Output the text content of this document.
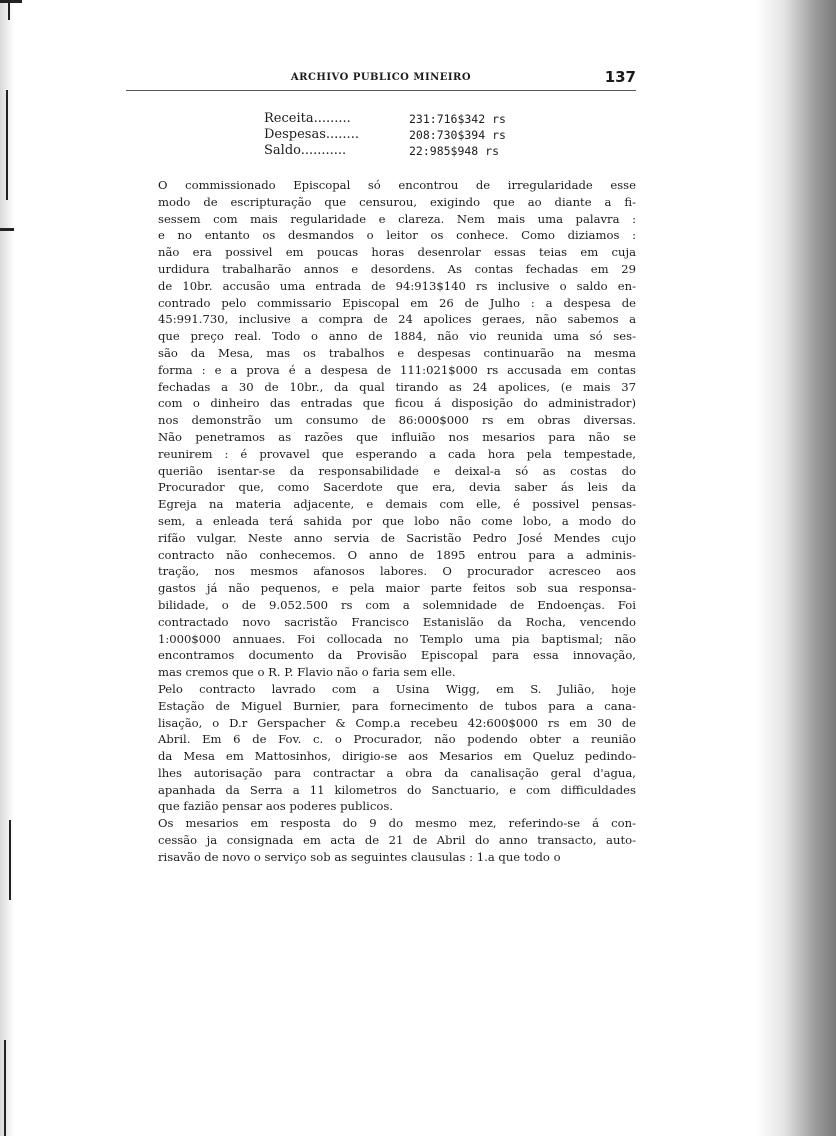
ARCHIVO PUBLICO MINEIRO	137
Receita.........	231:716$342 rs
Despesas........	208:730$394 rs
Saldo...........	22:985$948 rs

O commissionado Episcopal só encontrou de irregularidade esse
modo de escripturação que censurou, exigindo que ao diante a fi-
sessem com mais regularidade e clareza. Nem mais uma palavra :
e no entanto os desmandos o leitor os conhece. Como diziamos :
não era possivel em poucas horas desenrolar essas teias em cuja
urdidura trabalharão annos e desordens. As contas fechadas em 29
de 10br. accusão uma entrada de 94:913$140 rs inclusive o saldo en-
contrado pelo commissario Episcopal em 26 de Julho : a despesa de
45:991.730, inclusive a compra de 24 apolices geraes, não sabemos a
que preço real. Todo o anno de 1884, não vio reunida uma só ses-
são da Mesa, mas os trabalhos e despesas continuarão na mesma
forma : e a prova é a despesa de 111:021$000 rs accusada em contas
fechadas a 30 de 10br., da qual tirando as 24 apolices, (e mais 37
com o dinheiro das entradas que ficou á disposição do administrador)
nos demonstrão um consumo de 86:000$000 rs em obras diversas.
Não penetramos as razões que influião nos mesarios para não se
reunirem : é provavel que esperando a cada hora pela tempestade,
querião isentar-se da responsabilidade e deixal-a só as costas do
Procurador que, como Sacerdote que era, devia saber ás leis da
Egreja na materia adjacente, e demais com elle, é possivel pensas-
sem, a enleada terá sahida por que lobo não come lobo, a modo do
rifão vulgar. Neste anno servia de Sacristão Pedro José Mendes cujo
contracto não conhecemos. O anno de 1895 entrou para a adminis-
tração, nos mesmos afanosos labores. O procurador acresceo aos
gastos já não pequenos, e pela maior parte feitos sob sua responsa-
bilidade, o de 9.052.500 rs com a solemnidade de Endoenças. Foi
contractado novo sacristão Francisco Estanislão da Rocha, vencendo
1:000$000 annuaes. Foi collocada no Templo uma pia baptismal; não
encontramos documento da Provisão Episcopal para essa innovação,
mas cremos que o R. P. Flavio não o faria sem elle.

Pelo contracto lavrado com a Usina Wigg, em S. Julião, hoje
Estação de Miguel Burnier, para fornecimento de tubos para a cana-
lisação, o D.r Gerspacher & Comp.a recebeu 42:600$000 rs em 30 de
Abril. Em 6 de Fov. c. o Procurador, não podendo obter a reunião
da Mesa em Mattosinhos, dirigio-se aos Mesarios em Queluz pedindo-
lhes autorisação para contractar a obra da canalisação geral d'agua,
apanhada da Serra a 11 kilometros do Sanctuario, e com difficuldades
que fazião pensar aos poderes publicos.

Os mesarios em resposta do 9 do mesmo mez, referindo-se á con-
cessão ja consignada em acta de 21 de Abril do anno transacto, auto-
risavão de novo o serviço sob as seguintes clausulas : 1.a que todo o
